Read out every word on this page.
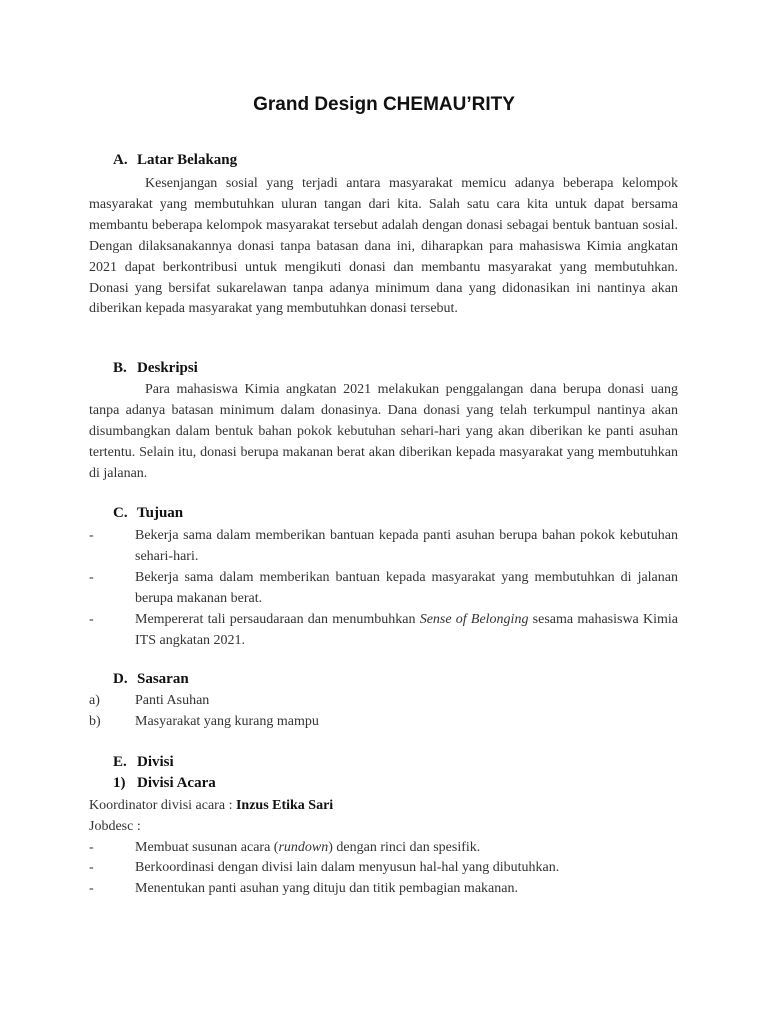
Grand Design CHEMAU’RITY
A. Latar Belakang

Kesenjangan sosial yang terjadi antara masyarakat memicu adanya beberapa kelompok masyarakat yang membutuhkan uluran tangan dari kita. Salah satu cara kita untuk dapat bersama membantu beberapa kelompok masyarakat tersebut adalah dengan donasi sebagai bentuk bantuan sosial. Dengan dilaksanakannya donasi tanpa batasan dana ini, diharapkan para mahasiswa Kimia angkatan 2021 dapat berkontribusi untuk mengikuti donasi dan membantu masyarakat yang membutuhkan. Donasi yang bersifat sukarelawan tanpa adanya minimum dana yang didonasikan ini nantinya akan diberikan kepada masyarakat yang membutuhkan donasi tersebut.

B. Deskripsi

Para mahasiswa Kimia angkatan 2021 melakukan penggalangan dana berupa donasi uang tanpa adanya batasan minimum dalam donasinya. Dana donasi yang telah terkumpul nantinya akan disumbangkan dalam bentuk bahan pokok kebutuhan sehari-hari yang akan diberikan ke panti asuhan tertentu. Selain itu, donasi berupa makanan berat akan diberikan kepada masyarakat yang membutuhkan di jalanan.

C. Tujuan
-	Bekerja sama dalam memberikan bantuan kepada panti asuhan berupa bahan pokok kebutuhan sehari-hari.
-	Bekerja sama dalam memberikan bantuan kepada masyarakat yang membutuhkan di jalanan berupa makanan berat.
-	Mempererat tali persaudaraan dan menumbuhkan Sense of Belonging sesama mahasiswa Kimia ITS angkatan 2021.
D. Sasaran
a)	Panti Asuhan
b)	Masyarakat yang kurang mampu
E. Divisi
1) Divisi Acara
Koordinator divisi acara : Inzus Etika Sari
Jobdesc :
-	Membuat susunan acara (rundown) dengan rinci dan spesifik.
-	Berkoordinasi dengan divisi lain dalam menyusun hal-hal yang dibutuhkan.
-	Menentukan panti asuhan yang dituju dan titik pembagian makanan.
